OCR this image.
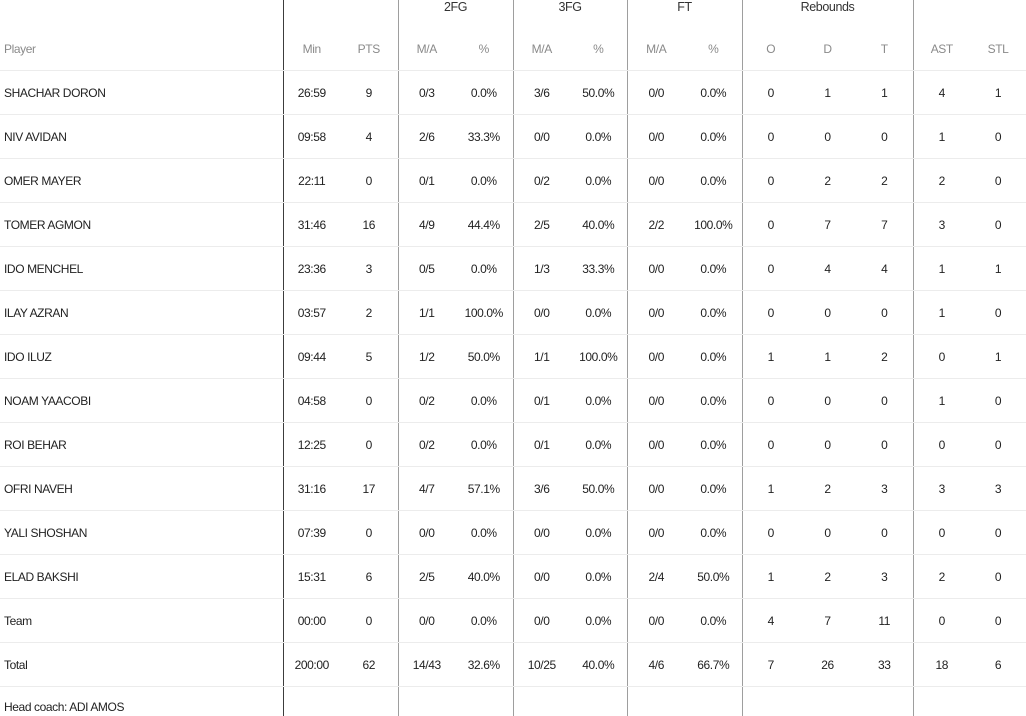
			2FG		3FG		FT		Rebounds				
Player	Min	PTS	M/A	%	M/A	%	M/A	%	O	D	T	AST	STL
SHACHAR DORON	26:59	9	0/3	0.0%	3/6	50.0%	0/0	0.0%	0	1	1	4	1
NIV AVIDAN	09:58	4	2/6	33.3%	0/0	0.0%	0/0	0.0%	0	0	0	1	0
OMER MAYER	22:11	0	0/1	0.0%	0/2	0.0%	0/0	0.0%	0	2	2	2	0
TOMER AGMON	31:46	16	4/9	44.4%	2/5	40.0%	2/2	100.0%	0	7	7	3	0
IDO MENCHEL	23:36	3	0/5	0.0%	1/3	33.3%	0/0	0.0%	0	4	4	1	1
ILAY AZRAN	03:57	2	1/1	100.0%	0/0	0.0%	0/0	0.0%	0	0	0	1	0
IDO ILUZ	09:44	5	1/2	50.0%	1/1	100.0%	0/0	0.0%	1	1	2	0	1
NOAM YAACOBI	04:58	0	0/2	0.0%	0/1	0.0%	0/0	0.0%	0	0	0	1	0
ROI BEHAR	12:25	0	0/2	0.0%	0/1	0.0%	0/0	0.0%	0	0	0	0	0
OFRI NAVEH	31:16	17	4/7	57.1%	3/6	50.0%	0/0	0.0%	1	2	3	3	3
YALI SHOSHAN	07:39	0	0/0	0.0%	0/0	0.0%	0/0	0.0%	0	0	0	0	0
ELAD BAKSHI	15:31	6	2/5	40.0%	0/0	0.0%	2/4	50.0%	1	2	3	2	0
Team	00:00	0	0/0	0.0%	0/0	0.0%	0/0	0.0%	4	7	11	0	0
Total	200:00	62	14/43	32.6%	10/25	40.0%	4/6	66.7%	7	26	33	18	6
Head coach: ADI AMOS													
